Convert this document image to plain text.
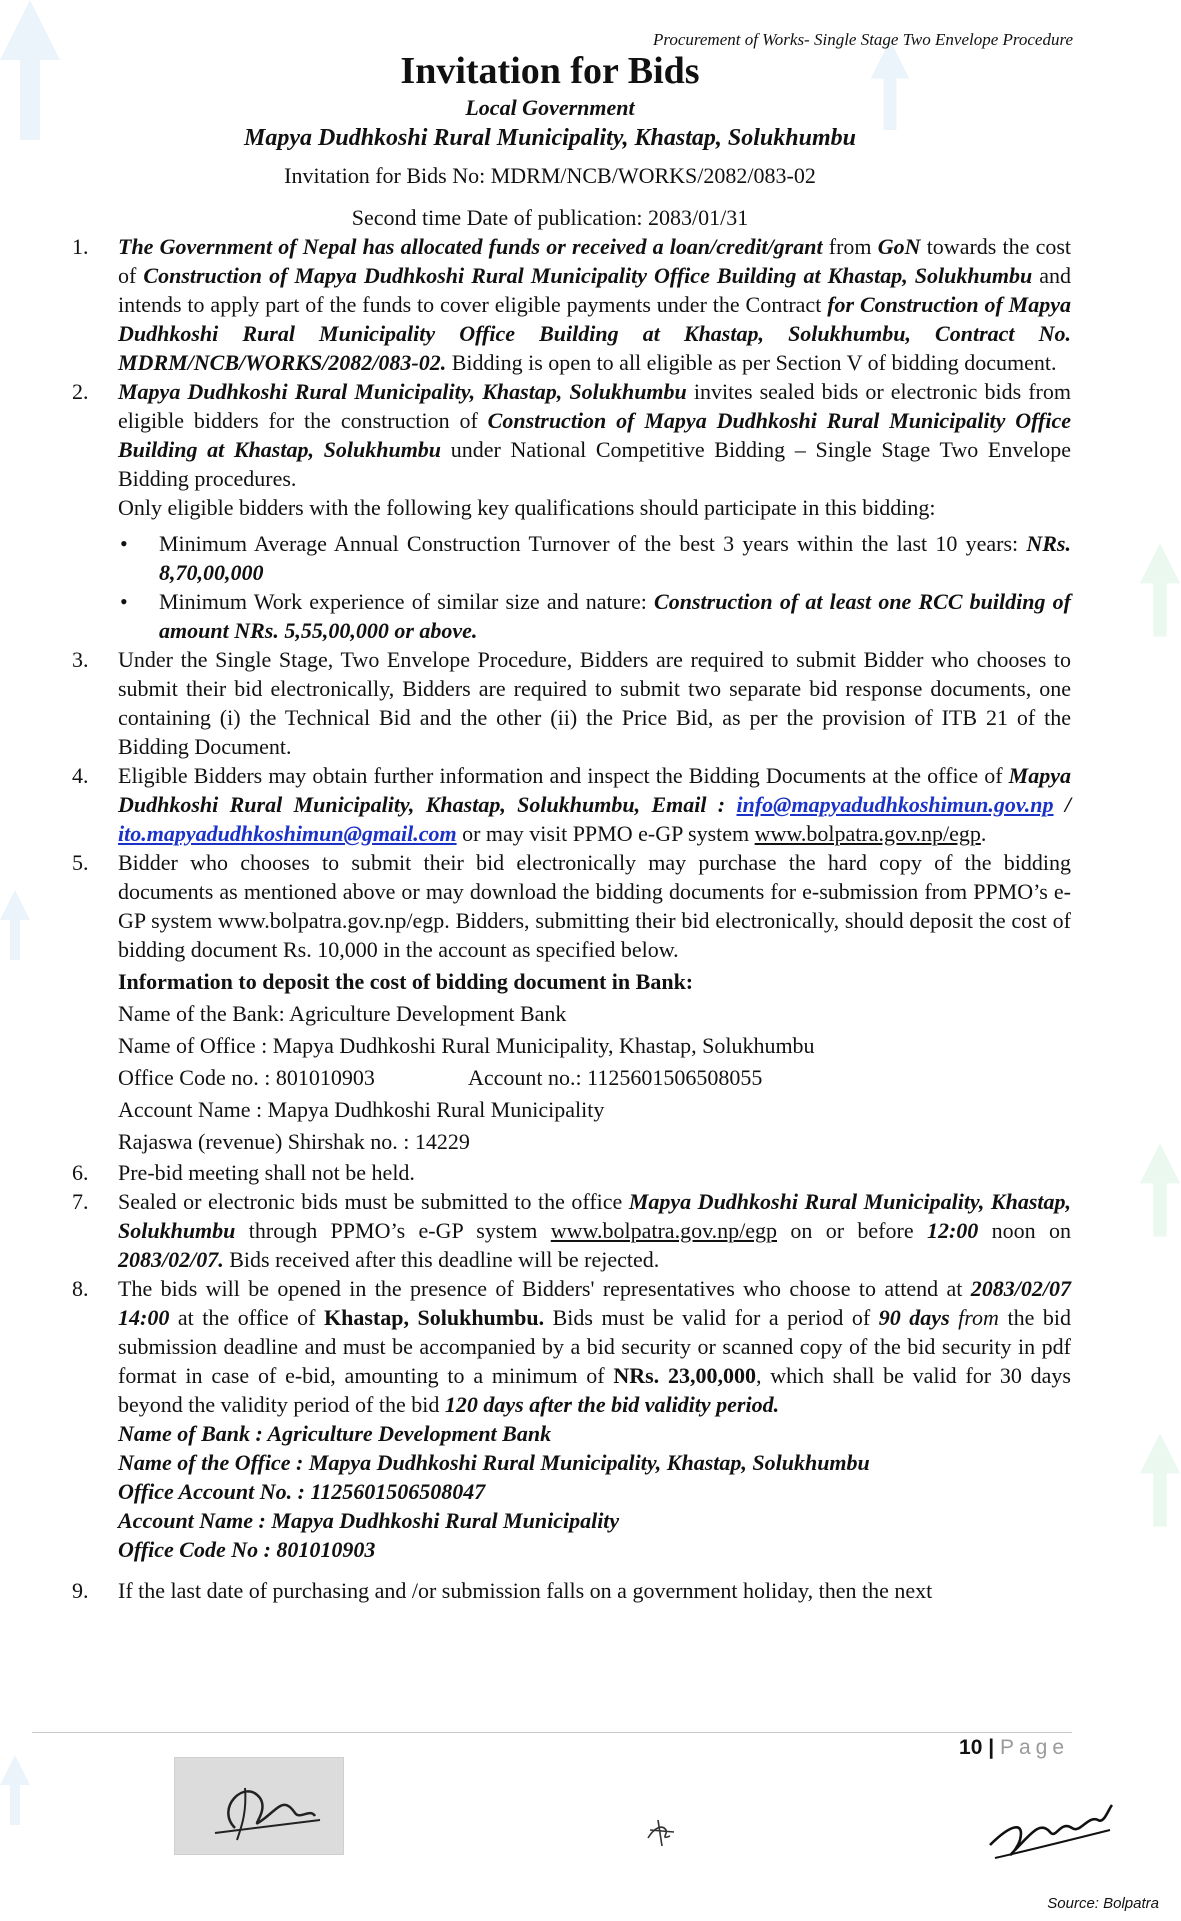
Procurement of Works- Single Stage Two Envelope Procedure
Invitation for Bids
Local Government
Mapya Dudhkoshi Rural Municipality, Khastap, Solukhumbu
Invitation for Bids No: MDRM/NCB/WORKS/2082/083-02
Second time Date of publication: 2083/01/31
1. The Government of Nepal has allocated funds or received a loan/credit/grant from GoN towards the cost of Construction of Mapya Dudhkoshi Rural Municipality Office Building at Khastap, Solukhumbu and intends to apply part of the funds to cover eligible payments under the Contract for Construction of Mapya Dudhkoshi Rural Municipality Office Building at Khastap, Solukhumbu, Contract No. MDRM/NCB/WORKS/2082/083-02. Bidding is open to all eligible as per Section V of bidding document.
2. Mapya Dudhkoshi Rural Municipality, Khastap, Solukhumbu invites sealed bids or electronic bids from eligible bidders for the construction of Construction of Mapya Dudhkoshi Rural Municipality Office Building at Khastap, Solukhumbu under National Competitive Bidding – Single Stage Two Envelope Bidding procedures.
Only eligible bidders with the following key qualifications should participate in this bidding:
• Minimum Average Annual Construction Turnover of the best 3 years within the last 10 years: NRs. 8,70,00,000
• Minimum Work experience of similar size and nature: Construction of at least one RCC building of amount NRs. 5,55,00,000 or above.
3. Under the Single Stage, Two Envelope Procedure, Bidders are required to submit Bidder who chooses to submit their bid electronically, Bidders are required to submit two separate bid response documents, one containing (i) the Technical Bid and the other (ii) the Price Bid, as per the provision of ITB 21 of the Bidding Document.
4. Eligible Bidders may obtain further information and inspect the Bidding Documents at the office of Mapya Dudhkoshi Rural Municipality, Khastap, Solukhumbu, Email : info@mapyadudhkoshimun.gov.np / ito.mapyadudhkoshimun@gmail.com or may visit PPMO e-GP system www.bolpatra.gov.np/egp.
5. Bidder who chooses to submit their bid electronically may purchase the hard copy of the bidding documents as mentioned above or may download the bidding documents for e-submission from PPMO’s e-GP system www.bolpatra.gov.np/egp. Bidders, submitting their bid electronically, should deposit the cost of bidding document Rs. 10,000 in the account as specified below.
Information to deposit the cost of bidding document in Bank:
Name of the Bank: Agriculture Development Bank
Name of Office : Mapya Dudhkoshi Rural Municipality, Khastap, Solukhumbu
Office Code no. : 801010903	Account no.: 1125601506508055
Account Name : Mapya Dudhkoshi Rural Municipality
Rajaswa (revenue) Shirshak no. : 14229
6. Pre-bid meeting shall not be held.
7. Sealed or electronic bids must be submitted to the office Mapya Dudhkoshi Rural Municipality, Khastap, Solukhumbu through PPMO’s e-GP system www.bolpatra.gov.np/egp on or before 12:00 noon on 2083/02/07. Bids received after this deadline will be rejected.
8. The bids will be opened in the presence of Bidders' representatives who choose to attend at 2083/02/07 14:00 at the office of Khastap, Solukhumbu. Bids must be valid for a period of 90 days from the bid submission deadline and must be accompanied by a bid security or scanned copy of the bid security in pdf format in case of e-bid, amounting to a minimum of NRs. 23,00,000, which shall be valid for 30 days beyond the validity period of the bid 120 days after the bid validity period.
Name of Bank : Agriculture Development Bank
Name of the Office : Mapya Dudhkoshi Rural Municipality, Khastap, Solukhumbu
Office Account No. : 1125601506508047
Account Name : Mapya Dudhkoshi Rural Municipality
Office Code No : 801010903
9. If the last date of purchasing and /or submission falls on a government holiday, then the next
10 | Page
Source: Bolpatra
